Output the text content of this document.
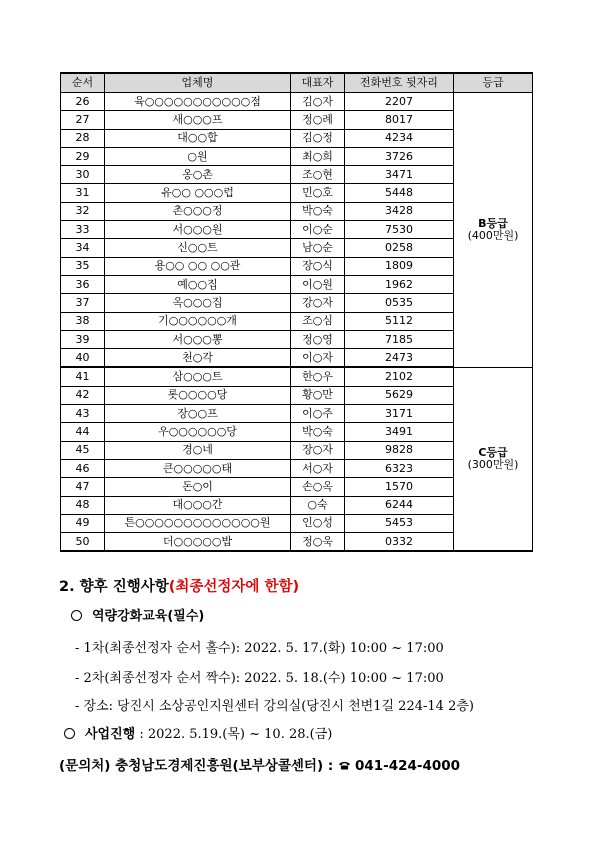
순서	업체명	대표자	전화번호 뒷자리	등급
26	육○○○○○○○○○○○점	김○자	2207	B등급
(400만원)

27	새○○○프	정○례	8017	
28	대○○합	김○정	4234	
29	○원	최○희	3726	
30	옹○촌	조○현	3471	
31	유○○ ○○○럽	민○호	5448	
32	촌○○○정	박○숙	3428	
33	서○○○원	이○순	7530	
34	신○○트	남○순	0258	
35	용○○ ○○ ○○관	장○식	1809	
36	예○○집	이○원	1962	
37	옥○○○집	강○자	0535	
38	기○○○○○○개	조○심	5112	
39	서○○○뽕	정○영	7185	
40	천○각	이○자	2473	
41	삼○○○트	한○우	2102	C등급
(300만원)

42	롯○○○○당	황○만	5629	
43	장○○프	이○주	3171	
44	우○○○○○○당	박○숙	3491	
45	경○네	장○자	9828	
46	큰○○○○○태	서○자	6323	
47	돈○이	손○옥	1570	
48	대○○○간	○숙	6244	
49	튼○○○○○○○○○○○○○원	인○성	5453	
50	더○○○○○밥	정○욱	0332	
2. 향후 진행사항(최종선정자에 한함)
역량강화교육(필수)
- 1차(최종선정자 순서 홀수): 2022. 5. 17.(화) 10:00 ~ 17:00
- 2차(최종선정자 순서 짝수): 2022. 5. 18.(수) 10:00 ~ 17:00
- 장소: 당진시 소상공인지원센터 강의실(당진시 천변1길 224-14 2층)
사업진행 : 2022. 5.19.(목) ~ 10. 28.(금)
(문의처) 충청남도경제진흥원(보부상콜센터) : 041-424-4000
